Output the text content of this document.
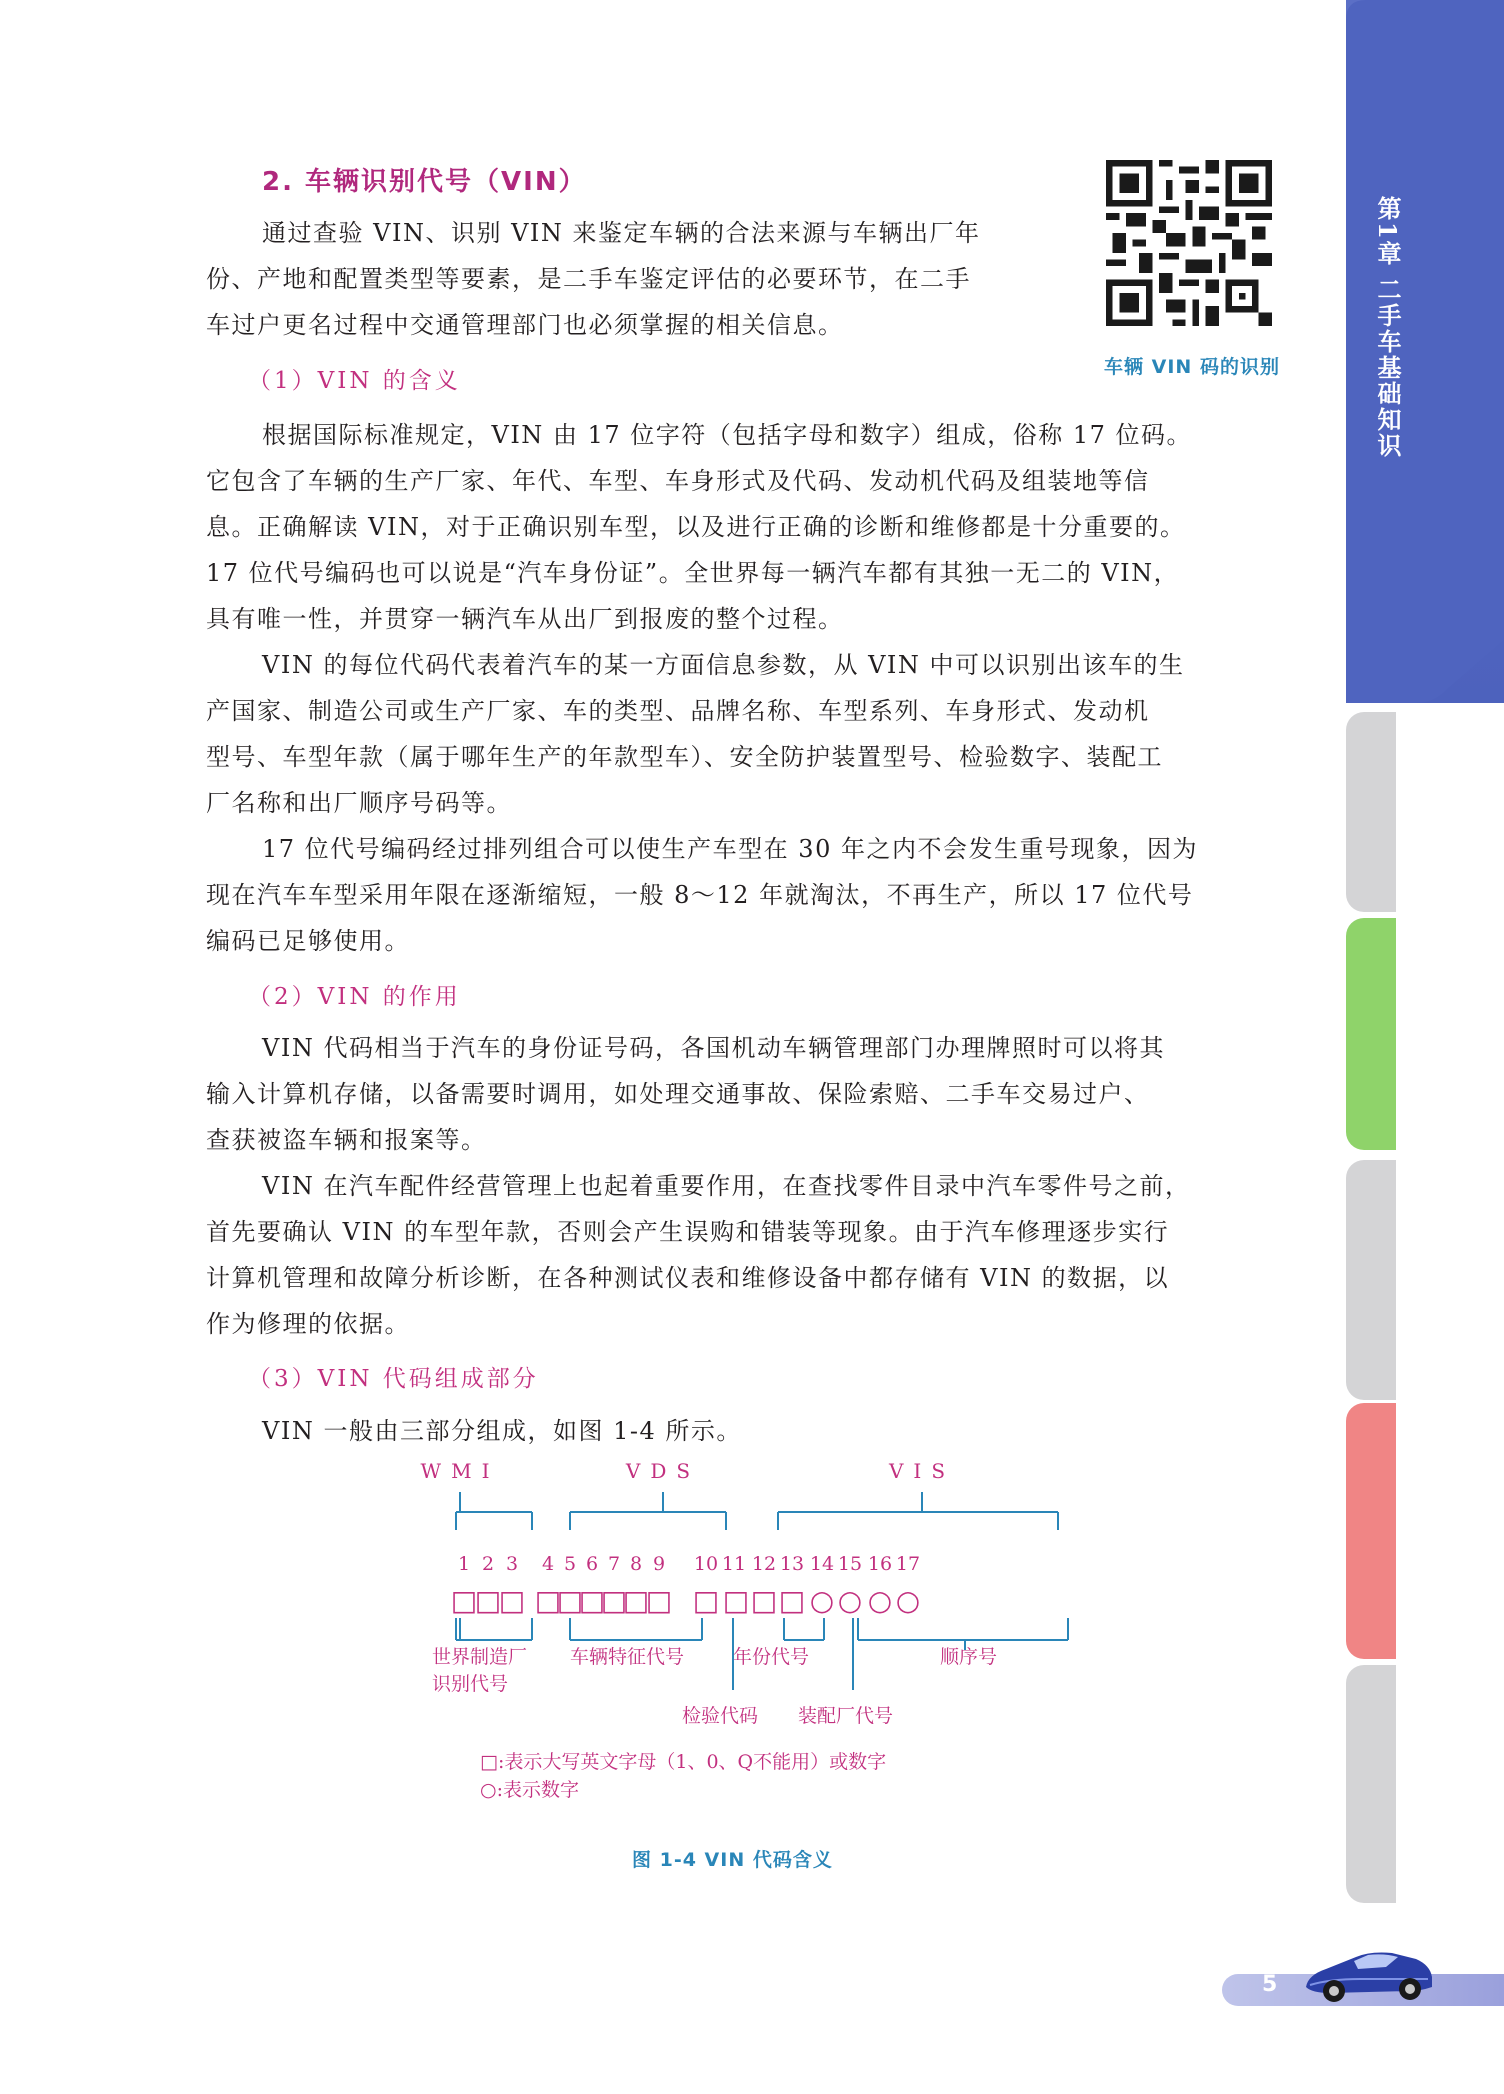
第1章 二手车基础知识
2. 车辆识别代号（VIN）
通过查验 VIN、识别 VIN 来鉴定车辆的合法来源与车辆出厂年
份、产地和配置类型等要素，是二手车鉴定评估的必要环节，在二手
车过户更名过程中交通管理部门也必须掌握的相关信息。
车辆 VIN 码的识别
（1）VIN 的含义
根据国际标准规定，VIN 由 17 位字符（包括字母和数字）组成，俗称 17 位码。
它包含了车辆的生产厂家、年代、车型、车身形式及代码、发动机代码及组装地等信
息。正确解读 VIN，对于正确识别车型，以及进行正确的诊断和维修都是十分重要的。
17 位代号编码也可以说是“汽车身份证”。全世界每一辆汽车都有其独一无二的 VIN，
具有唯一性，并贯穿一辆汽车从出厂到报废的整个过程。
VIN 的每位代码代表着汽车的某一方面信息参数，从 VIN 中可以识别出该车的生
产国家、制造公司或生产厂家、车的类型、品牌名称、车型系列、车身形式、发动机
型号、车型年款（属于哪年生产的年款型车）、安全防护装置型号、检验数字、装配工
厂名称和出厂顺序号码等。
17 位代号编码经过排列组合可以使生产车型在 30 年之内不会发生重号现象，因为
现在汽车车型采用年限在逐渐缩短，一般 8～12 年就淘汰，不再生产，所以 17 位代号
编码已足够使用。
（2）VIN 的作用
VIN 代码相当于汽车的身份证号码，各国机动车辆管理部门办理牌照时可以将其
输入计算机存储，以备需要时调用，如处理交通事故、保险索赔、二手车交易过户、
查获被盗车辆和报案等。
VIN 在汽车配件经营管理上也起着重要作用，在查找零件目录中汽车零件号之前，
首先要确认 VIN 的车型年款，否则会产生误购和错装等现象。由于汽车修理逐步实行
计算机管理和故障分析诊断，在各种测试仪表和维修设备中都存储有 VIN 的数据，以
作为修理的依据。
（3）VIN 代码组成部分
VIN 一般由三部分组成，如图 1-4 所示。
WMI	VDS	VIS
1 2 3 4 5 6 7 8 9 10 11 12 13 14 15 16 17
□
□
□ □
□
□
□
□
□ □ □ □ □ ○ ○ ○ ○
世界制造厂
识别代号
车辆特征代号	年份代号	顺序号
检验代码 装配厂代号
□:表示大写英文字母（1、0、Q不能用）或数字
○:表示数字
图 1-4 VIN 代码含义
5
